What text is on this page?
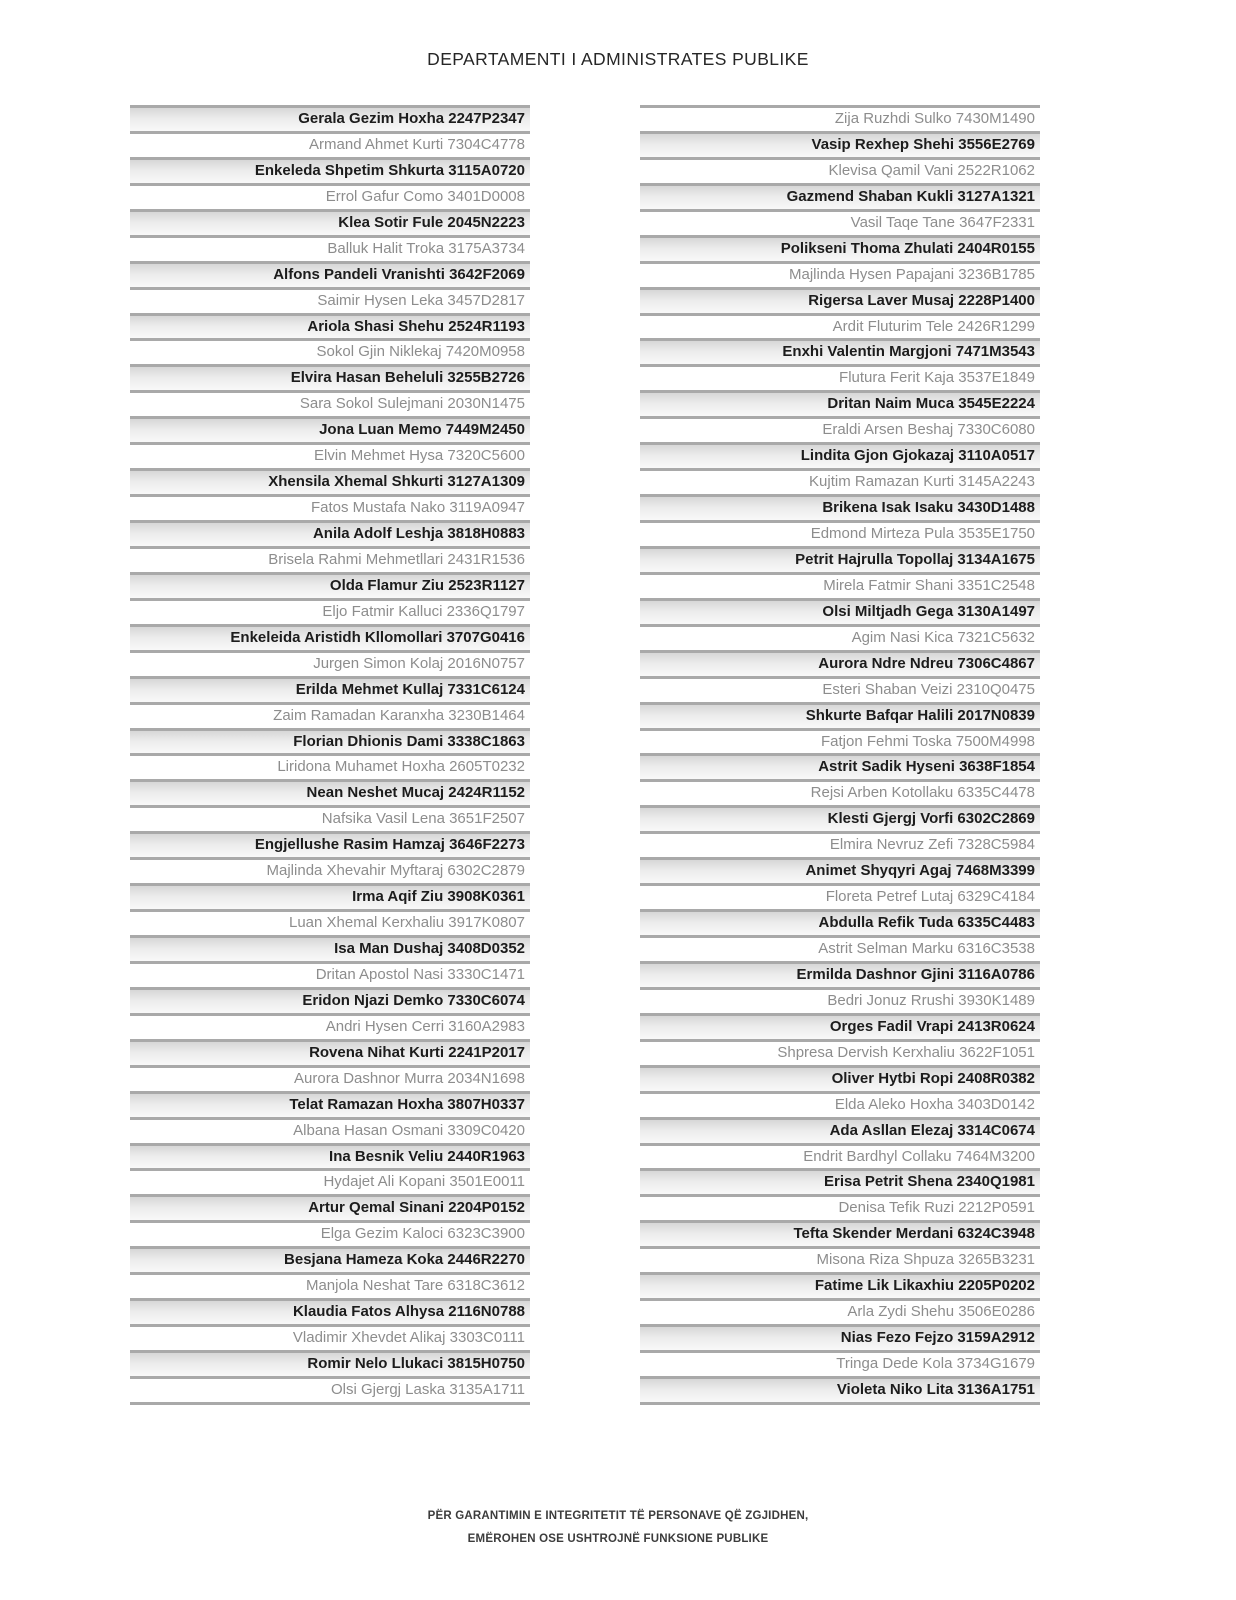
DEPARTAMENTI I ADMINISTRATES PUBLIKE
Gerala Gezim Hoxha 2247P2347
Armand Ahmet Kurti 7304C4778
Enkeleda Shpetim Shkurta 3115A0720
Errol Gafur Como 3401D0008
Klea Sotir Fule 2045N2223
Balluk Halit Troka 3175A3734
Alfons Pandeli Vranishti 3642F2069
Saimir Hysen Leka 3457D2817
Ariola Shasi Shehu 2524R1193
Sokol Gjin Niklekaj 7420M0958
Elvira Hasan Beheluli 3255B2726
Sara Sokol Sulejmani 2030N1475
Jona Luan Memo 7449M2450
Elvin Mehmet Hysa 7320C5600
Xhensila Xhemal Shkurti 3127A1309
Fatos Mustafa Nako 3119A0947
Anila Adolf Leshja 3818H0883
Brisela Rahmi Mehmetllari 2431R1536
Olda Flamur Ziu 2523R1127
Eljo Fatmir Kalluci 2336Q1797
Enkeleida Aristidh Kllomollari 3707G0416
Jurgen Simon Kolaj 2016N0757
Erilda Mehmet Kullaj 7331C6124
Zaim Ramadan Karanxha 3230B1464
Florian Dhionis Dami 3338C1863
Liridona Muhamet Hoxha 2605T0232
Nean Neshet Mucaj 2424R1152
Nafsika Vasil Lena 3651F2507
Engjellushe Rasim Hamzaj 3646F2273
Majlinda Xhevahir Myftaraj 6302C2879
Irma Aqif Ziu 3908K0361
Luan Xhemal Kerxhaliu 3917K0807
Isa Man Dushaj 3408D0352
Dritan Apostol Nasi 3330C1471
Eridon Njazi Demko 7330C6074
Andri Hysen Cerri 3160A2983
Rovena Nihat Kurti 2241P2017
Aurora Dashnor Murra 2034N1698
Telat Ramazan Hoxha 3807H0337
Albana Hasan Osmani 3309C0420
Ina Besnik Veliu 2440R1963
Hydajet Ali Kopani 3501E0011
Artur Qemal Sinani 2204P0152
Elga Gezim Kaloci 6323C3900
Besjana Hameza Koka 2446R2270
Manjola Neshat Tare 6318C3612
Klaudia Fatos Alhysa 2116N0788
Vladimir Xhevdet Alikaj 3303C0111
Romir Nelo Llukaci 3815H0750
Olsi Gjergj Laska 3135A1711
Zija Ruzhdi Sulko 7430M1490
Vasip Rexhep Shehi 3556E2769
Klevisa Qamil Vani 2522R1062
Gazmend Shaban Kukli 3127A1321
Vasil Taqe Tane 3647F2331
Polikseni Thoma Zhulati 2404R0155
Majlinda Hysen Papajani 3236B1785
Rigersa Laver Musaj 2228P1400
Ardit Fluturim Tele 2426R1299
Enxhi Valentin Margjoni 7471M3543
Flutura Ferit Kaja 3537E1849
Dritan Naim Muca 3545E2224
Eraldi Arsen Beshaj 7330C6080
Lindita Gjon Gjokazaj 3110A0517
Kujtim Ramazan Kurti 3145A2243
Brikena Isak Isaku 3430D1488
Edmond Mirteza Pula 3535E1750
Petrit Hajrulla Topollaj 3134A1675
Mirela Fatmir Shani 3351C2548
Olsi Miltjadh Gega 3130A1497
Agim Nasi Kica 7321C5632
Aurora Ndre Ndreu 7306C4867
Esteri Shaban Veizi 2310Q0475
Shkurte Bafqar Halili 2017N0839
Fatjon Fehmi Toska 7500M4998
Astrit Sadik Hyseni 3638F1854
Rejsi Arben Kotollaku 6335C4478
Klesti Gjergj Vorfi 6302C2869
Elmira Nevruz Zefi 7328C5984
Animet Shyqyri Agaj 7468M3399
Floreta Petref Lutaj 6329C4184
Abdulla Refik Tuda 6335C4483
Astrit Selman Marku 6316C3538
Ermilda Dashnor Gjini 3116A0786
Bedri Jonuz Rrushi 3930K1489
Orges Fadil Vrapi 2413R0624
Shpresa Dervish Kerxhaliu 3622F1051
Oliver Hytbi Ropi 2408R0382
Elda Aleko Hoxha 3403D0142
Ada Asllan Elezaj 3314C0674
Endrit Bardhyl Collaku 7464M3200
Erisa Petrit Shena 2340Q1981
Denisa Tefik Ruzi 2212P0591
Tefta Skender Merdani 6324C3948
Misona Riza Shpuza 3265B3231
Fatime Lik Likaxhiu 2205P0202
Arla Zydi Shehu 3506E0286
Nias Fezo Fejzo 3159A2912
Tringa Dede Kola 3734G1679
Violeta Niko Lita 3136A1751
PËR GARANTIMIN E INTEGRITETIT TË PERSONAVE QË ZGJIDHEN,
EMËROHEN OSE USHTROJNË FUNKSIONE PUBLIKE
